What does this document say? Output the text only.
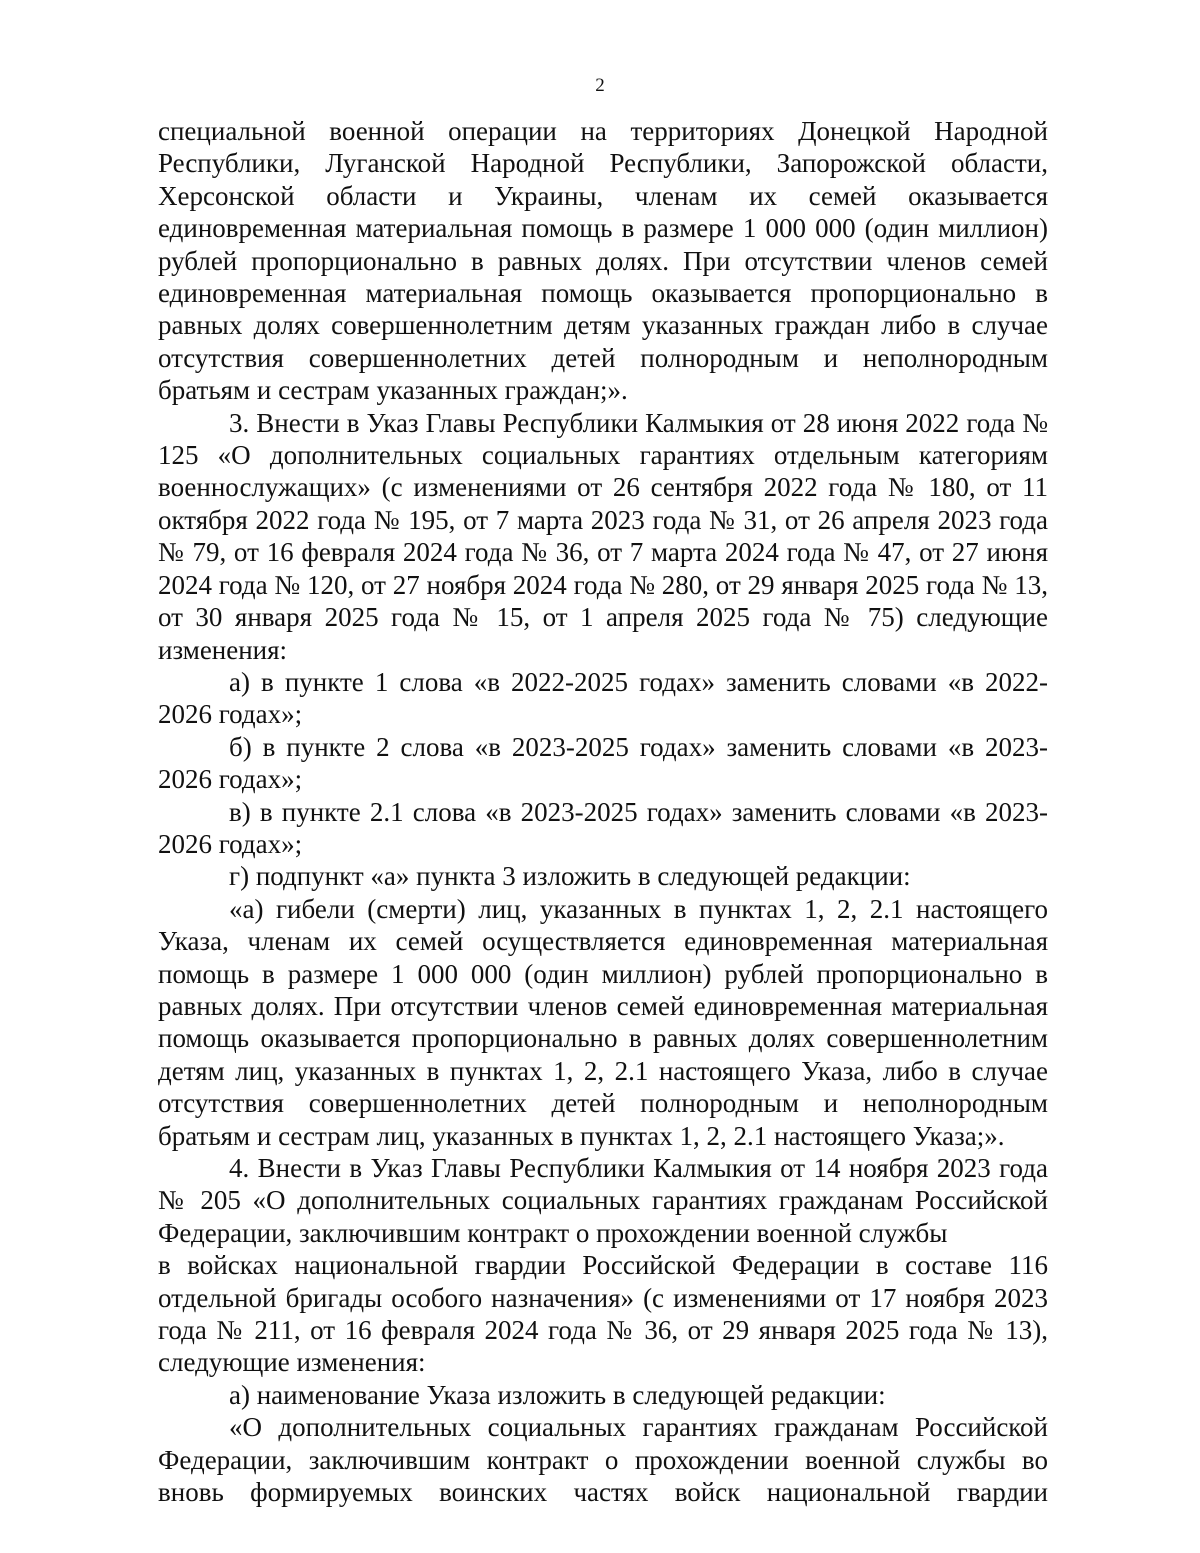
2

специальной военной операции на территориях Донецкой Народной Республики, Луганской Народной Республики, Запорожской области, Херсонской области и Украины, членам их семей оказывается единовременная материальная помощь в размере 1 000 000 (один миллион) рублей пропорционально в равных долях. При отсутствии членов семей единовременная материальная помощь оказывается пропорционально в равных долях совершеннолетним детям указанных граждан либо в случае отсутствия совершеннолетних детей полнородным и неполнородным братьям и сестрам указанных граждан;».

3. Внести в Указ Главы Республики Калмыкия от 28 июня 2022 года № 125 «О дополнительных социальных гарантиях отдельным категориям военнослужащих» (с изменениями от 26 сентября 2022 года № 180, от 11 октября 2022 года № 195, от 7 марта 2023 года № 31, от 26 апреля 2023 года № 79, от 16 февраля 2024 года № 36, от 7 марта 2024 года № 47, от 27 июня 2024 года № 120, от 27 ноября 2024 года № 280, от 29 января 2025 года № 13, от 30 января 2025 года № 15, от 1 апреля 2025 года № 75) следующие изменения:

а) в пункте 1 слова «в 2022-2025 годах» заменить словами «в 2022-2026 годах»;

б) в пункте 2 слова «в 2023-2025 годах» заменить словами «в 2023-2026 годах»;

в) в пункте 2.1 слова «в 2023-2025 годах» заменить словами «в 2023-2026 годах»;

г) подпункт «а» пункта 3 изложить в следующей редакции:

«а) гибели (смерти) лиц, указанных в пунктах 1, 2, 2.1 настоящего Указа, членам их семей осуществляется единовременная материальная помощь в размере 1 000 000 (один миллион) рублей пропорционально в равных долях. При отсутствии членов семей единовременная материальная помощь оказывается пропорционально в равных долях совершеннолетним детям лиц, указанных в пунктах 1, 2, 2.1 настоящего Указа, либо в случае отсутствия совершеннолетних детей полнородным и неполнородным братьям и сестрам лиц, указанных в пунктах 1, 2, 2.1 настоящего Указа;».

4. Внести в Указ Главы Республики Калмыкия от 14 ноября 2023 года № 205 «О дополнительных социальных гарантиях гражданам Российской Федерации, заключившим контракт о прохождении военной службы

в войсках национальной гвардии Российской Федерации в составе 116 отдельной бригады особого назначения» (с изменениями от 17 ноября 2023 года № 211, от 16 февраля 2024 года № 36, от 29 января 2025 года № 13), следующие изменения:

а) наименование Указа изложить в следующей редакции:

«О дополнительных социальных гарантиях гражданам Российской Федерации, заключившим контракт о прохождении военной службы во вновь формируемых воинских частях войск национальной гвардии
